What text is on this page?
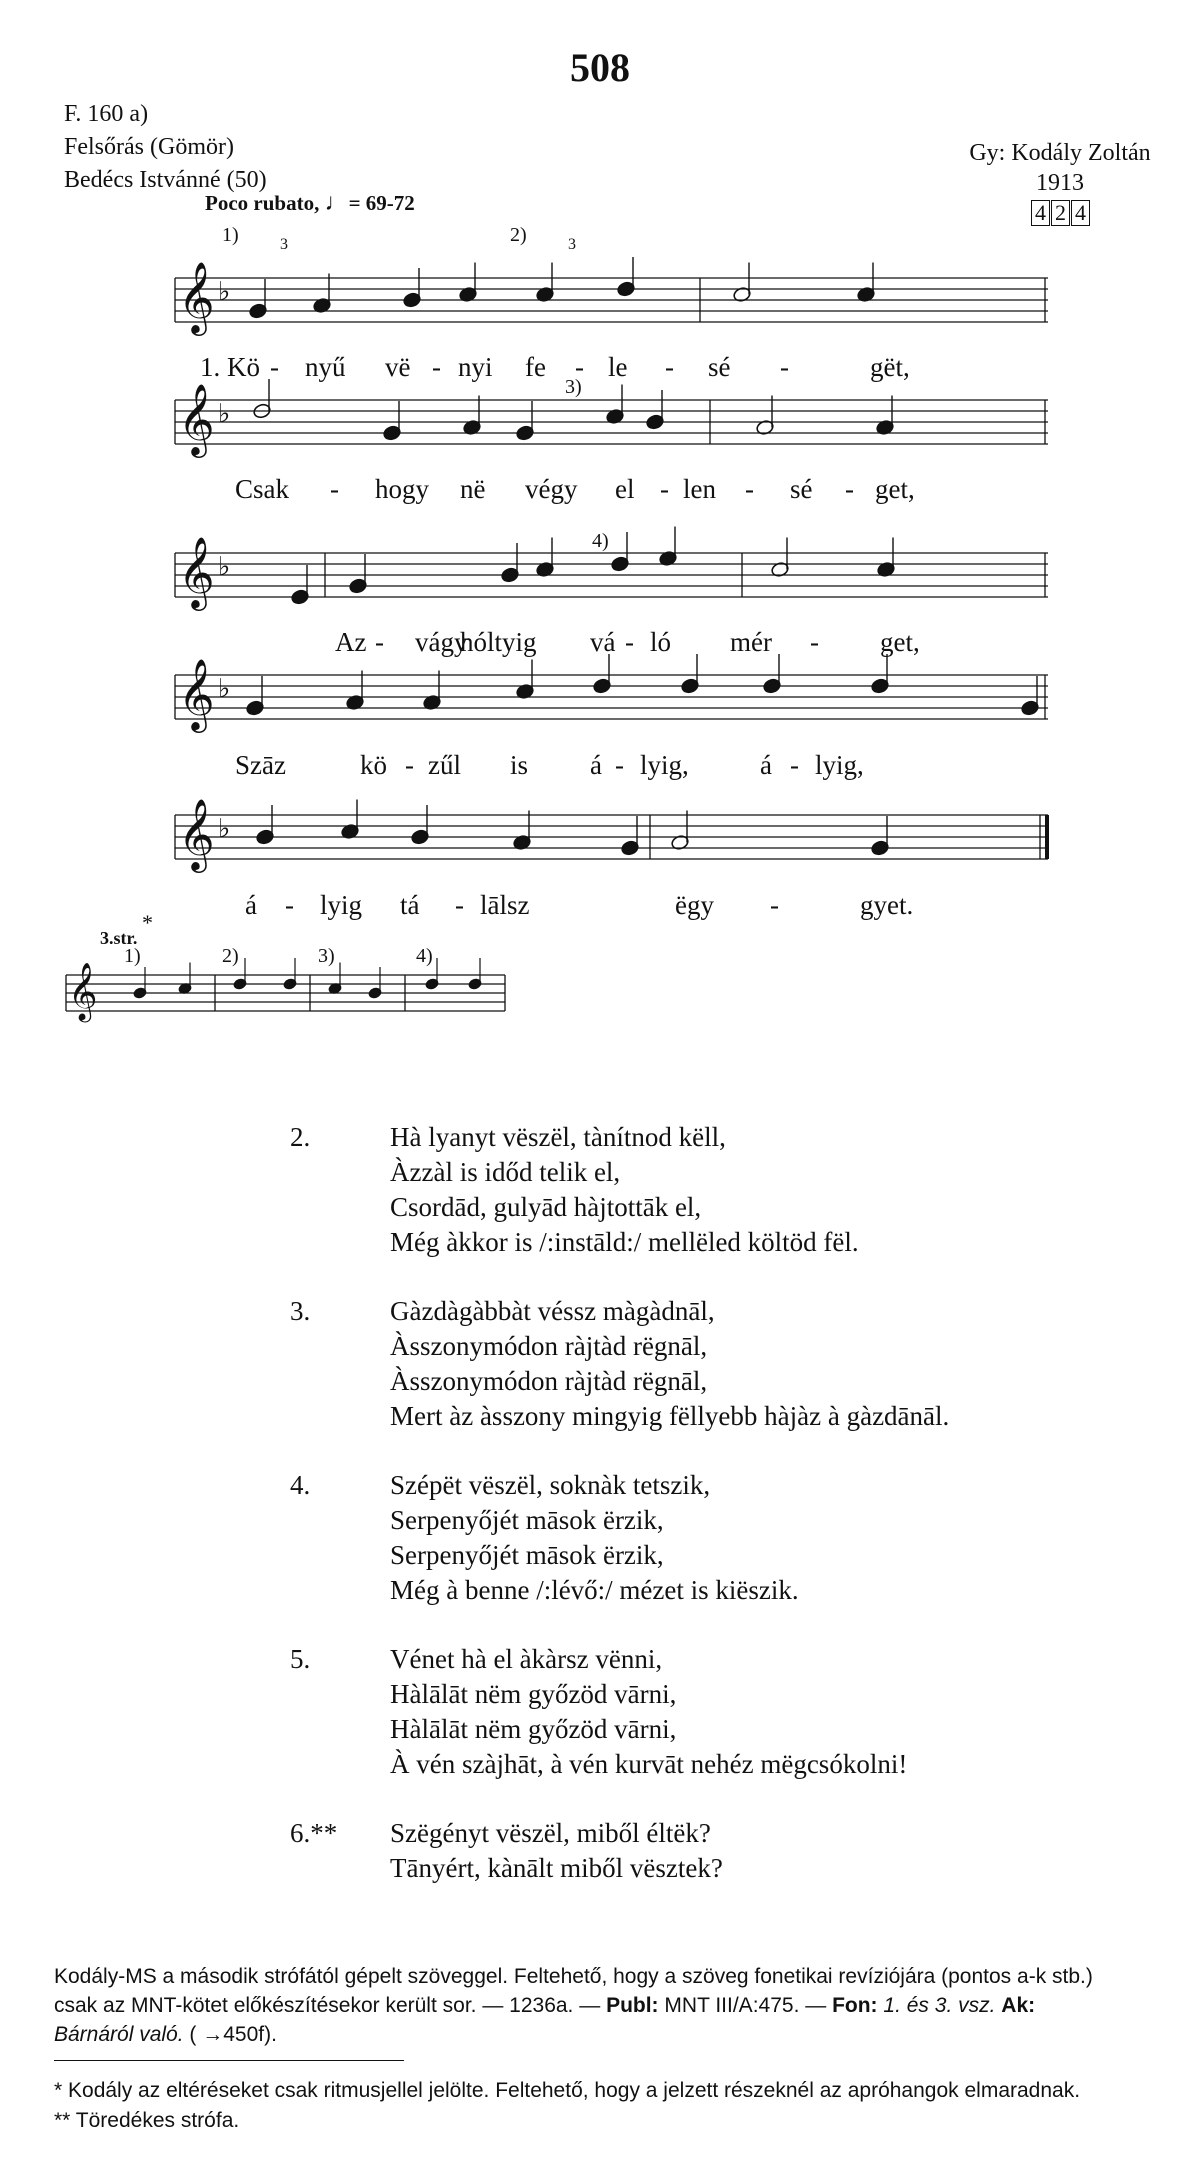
508
F. 160 a)
Felsőrás (Gömör)
Bedécs Istvánné (50)
Gy: Kodály Zoltán
1913
4 2 4
Poco rubato, ♩= 69-72
𝄞 ♭
𝄞 ♭
𝄞 ♭
𝄞 ♭
𝄞 ♭
𝄞
1)	2)
3)
4)
3	3
1. Kö - nyű vë - nyi fe - le - sé -	gët,
Csak - hogy në végy el - len - sé - get,
Az - vágy
hóltyig vá - ló mér - get,
Szāz	kö - zűl is á - lyig,	á - lyig,
á - lyig tá - lālsz	ëgy -	gyet.
3.str.
*
1)	2)	3)	4)
2.	Hà lyanyt vëszël, tànítnod këll,
Àzzàl is időd telik el,
Csordād, gulyād hàjtottāk el,
Még àkkor is /:instāld:/ mellëled költöd fël.
3.	Gàzdàgàbbàt véssz màgàdnāl,
Àsszonymódon ràjtàd rëgnāl,
Àsszonymódon ràjtàd rëgnāl,
Mert àz àsszony mingyig fëllyebb hàjàz à gàzdānāl.
4.	Szépët vëszël, soknàk tetszik,
Serpenyőjét māsok ërzik,
Serpenyőjét māsok ërzik,
Még à benne /:lévő:/ mézet is kiëszik.
5.	Vénet hà el àkàrsz vënni,
Hàlālāt nëm győzöd vārni,
Hàlālāt nëm győzöd vārni,
À vén szàjhāt, à vén kurvāt nehéz mëgcsókolni!
6.**	Szëgényt vëszël, miből éltëk?
Tānyért, kànālt miből vësztek?
Kodály-MS a második strófától gépelt szöveggel. Feltehető, hogy a szöveg fonetikai revíziójára (pontos a-k stb.)
csak az MNT-kötet előkészítésekor került sor. — 1236a. — Publ: MNT III/A:475. — Fon: 1. és 3. vsz. Ak:
Bárnáról való. ( →450f).
* Kodály az eltéréseket csak ritmusjellel jelölte. Feltehető, hogy a jelzett részeknél az apróhangok elmaradnak.
** Töredékes strófa.
